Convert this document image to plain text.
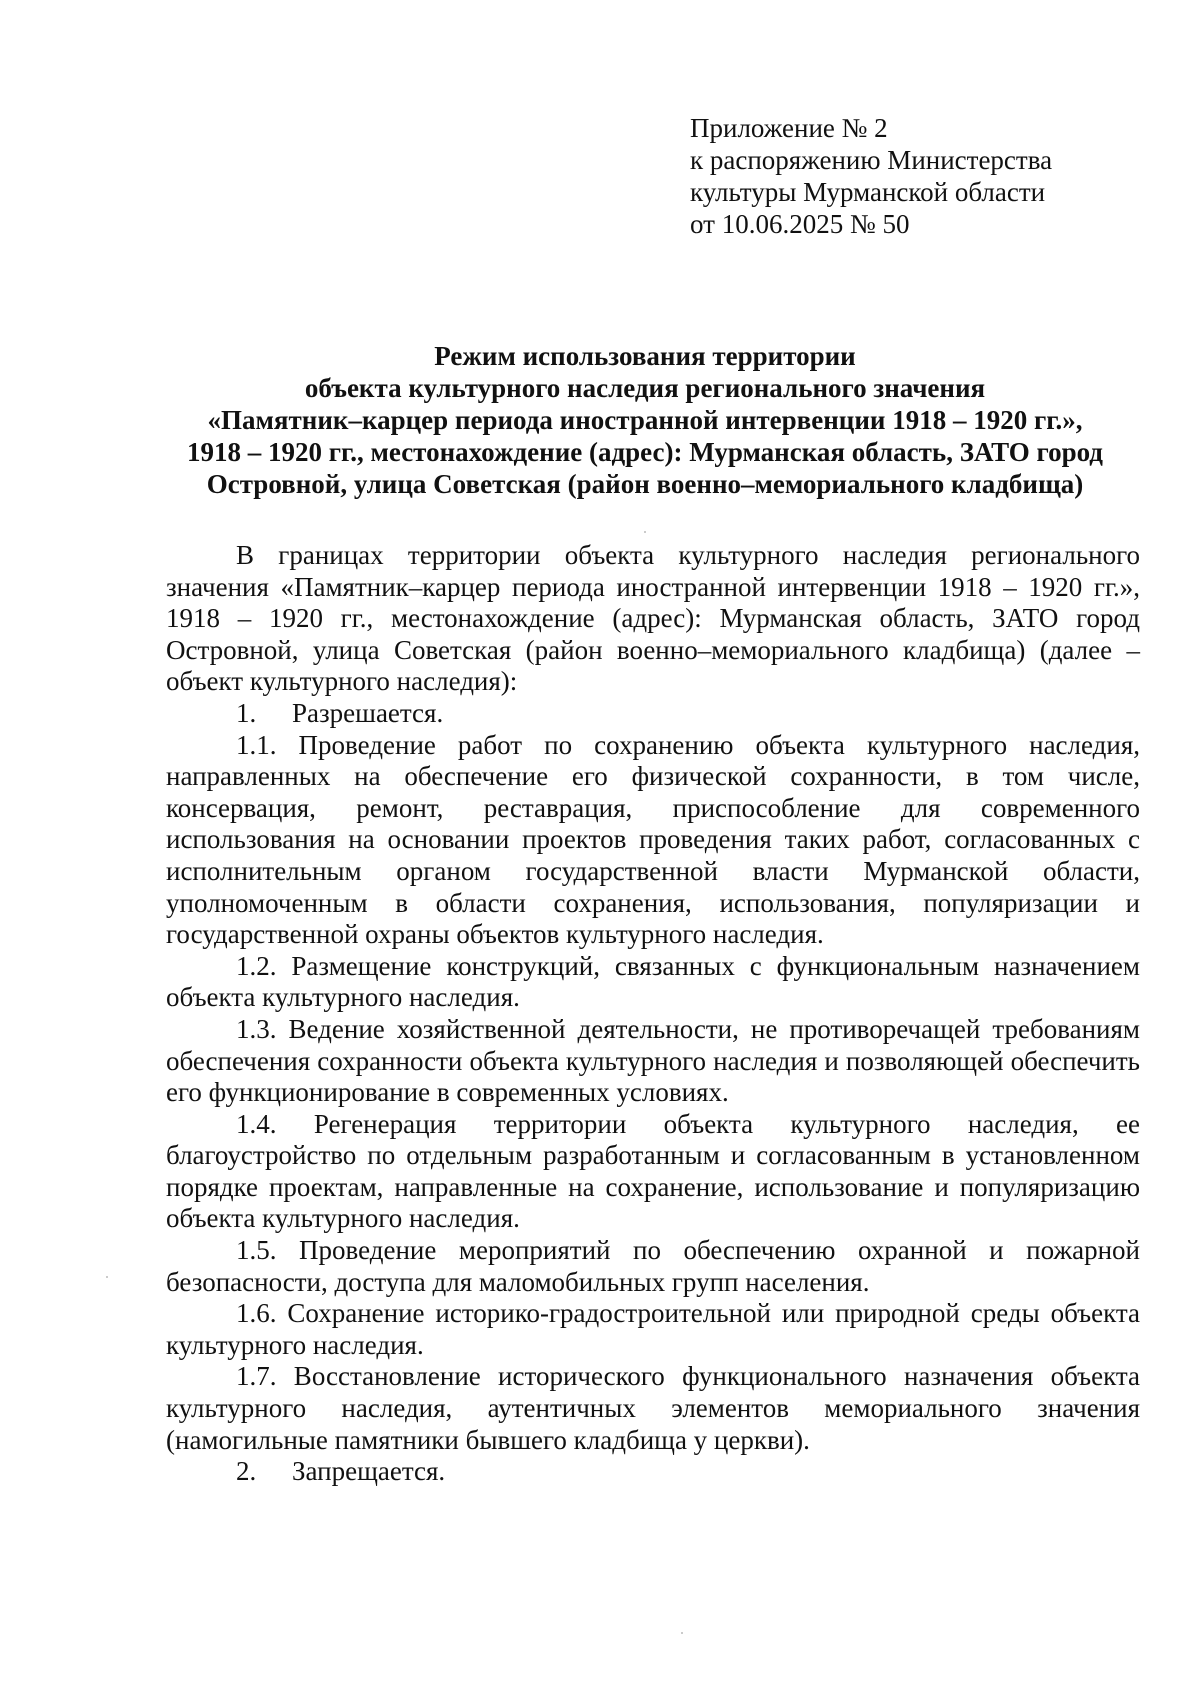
Приложение № 2
к распоряжению Министерства
культуры Мурманской области
от 10.06.2025 № 50
Режим использования территории
объекта культурного наследия регионального значения
«Памятник–карцер периода иностранной интервенции 1918 – 1920 гг.»,
1918 – 1920 гг., местонахождение (адрес): Мурманская область, ЗАТО город
Островной, улица Советская (район военно–мемориального кладбища)

В границах территории объекта культурного наследия регионального значения «Памятник–карцер периода иностранной интервенции 1918 – 1920 гг.», 1918 – 1920 гг., местонахождение (адрес): Мурманская область, ЗАТО город Островной, улица Советская (район военно–мемориального кладбища) (далее – объект культурного наследия):

1. Разрешается.

1.1. Проведение работ по сохранению объекта культурного наследия, направленных на обеспечение его физической сохранности, в том числе, консервация, ремонт, реставрация, приспособление для современного использования на основании проектов проведения таких работ, согласованных с исполнительным органом государственной власти Мурманской области, уполномоченным в области сохранения, использования, популяризации и государственной охраны объектов культурного наследия.

1.2. Размещение конструкций, связанных с функциональным назначением объекта культурного наследия.

1.3. Ведение хозяйственной деятельности, не противоречащей требованиям обеспечения сохранности объекта культурного наследия и позволяющей обеспечить его функционирование в современных условиях.

1.4. Регенерация территории объекта культурного наследия, ее благоустройство по отдельным разработанным и согласованным в установленном порядке проектам, направленные на сохранение, использование и популяризацию объекта культурного наследия.

1.5. Проведение мероприятий по обеспечению охранной и пожарной безопасности, доступа для маломобильных групп населения.

1.6. Сохранение историко-градостроительной или природной среды объекта культурного наследия.

1.7. Восстановление исторического функционального назначения объекта культурного наследия, аутентичных элементов мемориального значения (намогильные памятники бывшего кладбища у церкви).

2. Запрещается.
